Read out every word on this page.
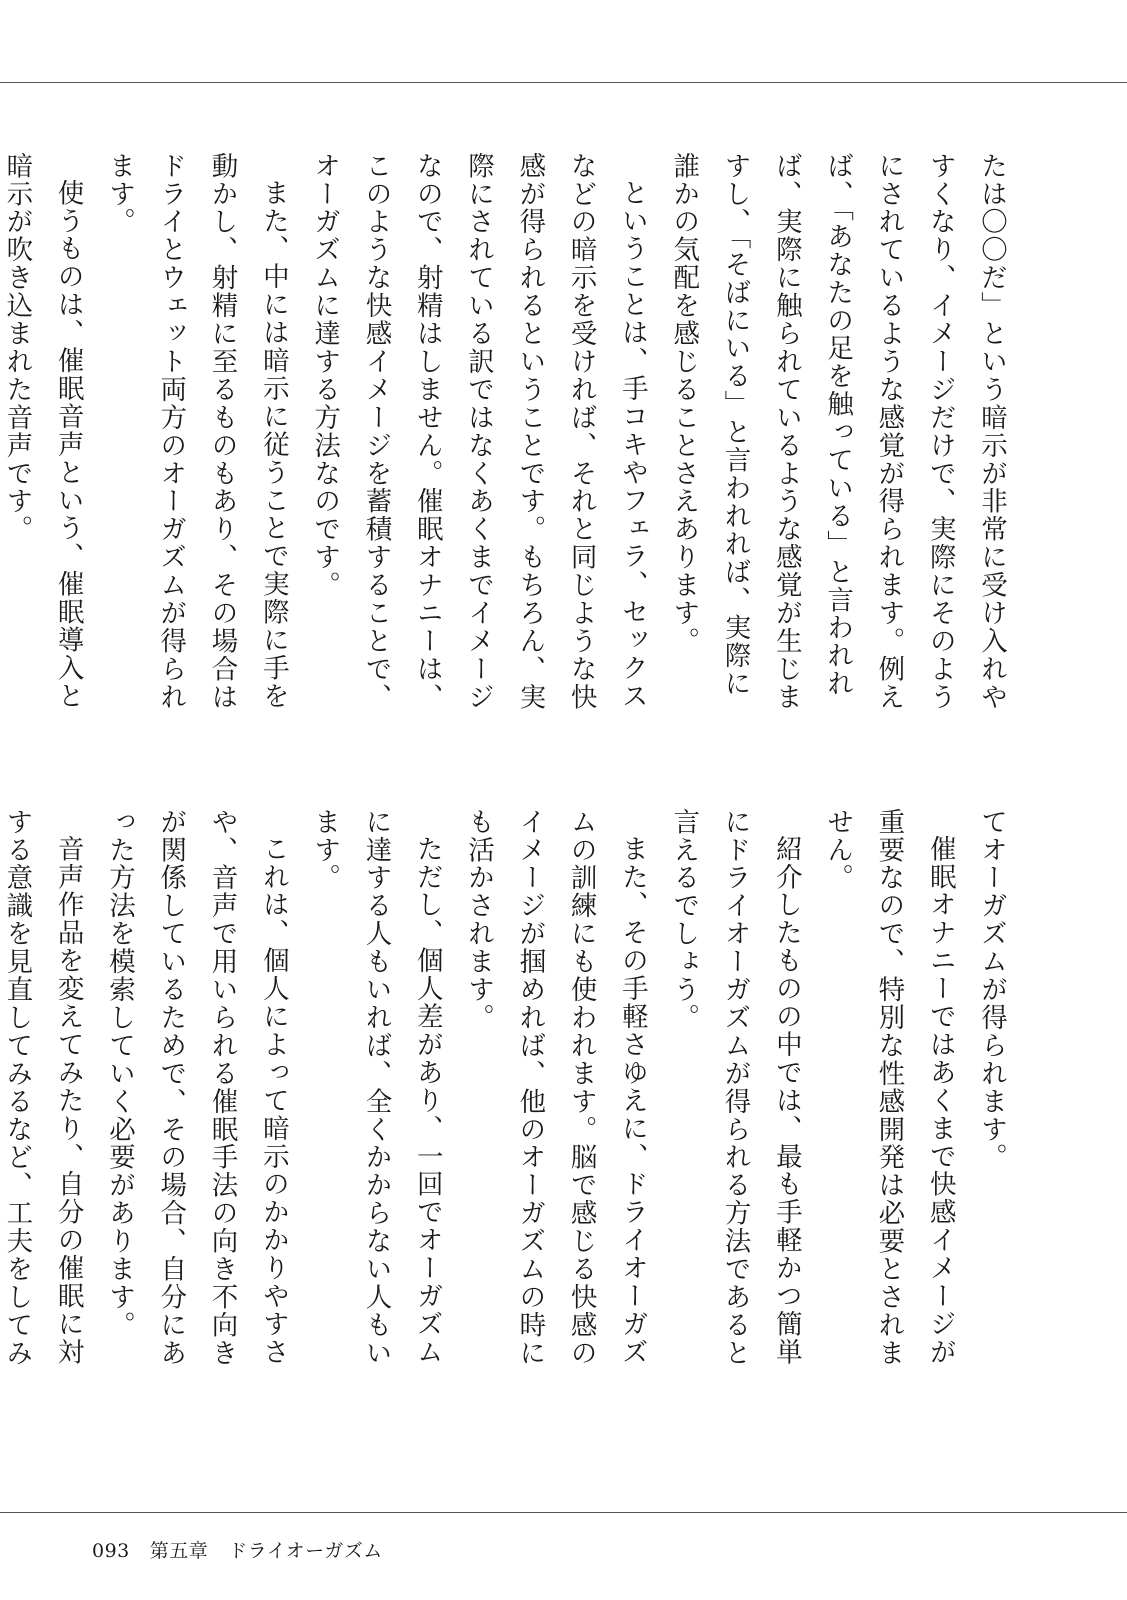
たは〇〇だ」という暗示が非常に受け入れや
すくなり、イメージだけで、実際にそのよう
にされているような感覚が得られます。例え
ば、「あなたの足を触っている」と言われれ
ば、実際に触られているような感覚が生じま
すし、「そばにいる」と言われれば、実際に
誰かの気配を感じることさえあります。

ということは、手コキやフェラ、セックス
などの暗示を受ければ、それと同じような快
感が得られるということです。もちろん、実
際にされている訳ではなくあくまでイメージ
なので、射精はしません。催眠オナニーは、
このような快感イメージを蓄積することで、
オーガズムに達する方法なのです。

また、中には暗示に従うことで実際に手を
動かし、射精に至るものもあり、その場合は
ドライとウェット両方のオーガズムが得られ
ます。

使うものは、催眠音声という、催眠導入と
暗示が吹き込まれた音声です。

てオーガズムが得られます。

催眠オナニーではあくまで快感イメージが
重要なので、特別な性感開発は必要とされま
せん。

紹介したものの中では、最も手軽かつ簡単
にドライオーガズムが得られる方法であると
言えるでしょう。

また、その手軽さゆえに、ドライオーガズ
ムの訓練にも使われます。脳で感じる快感の
イメージが掴めれば、他のオーガズムの時に
も活かされます。

ただし、個人差があり、一回でオーガズム
に達する人もいれば、全くかからない人もい
ます。

これは、個人によって暗示のかかりやすさ
や、音声で用いられる催眠手法の向き不向き
が関係しているためで、その場合、自分にあ
った方法を模索していく必要があります。

音声作品を変えてみたり、自分の催眠に対
する意識を見直してみるなど、工夫をしてみ

093 第五章 ドライオーガズム
